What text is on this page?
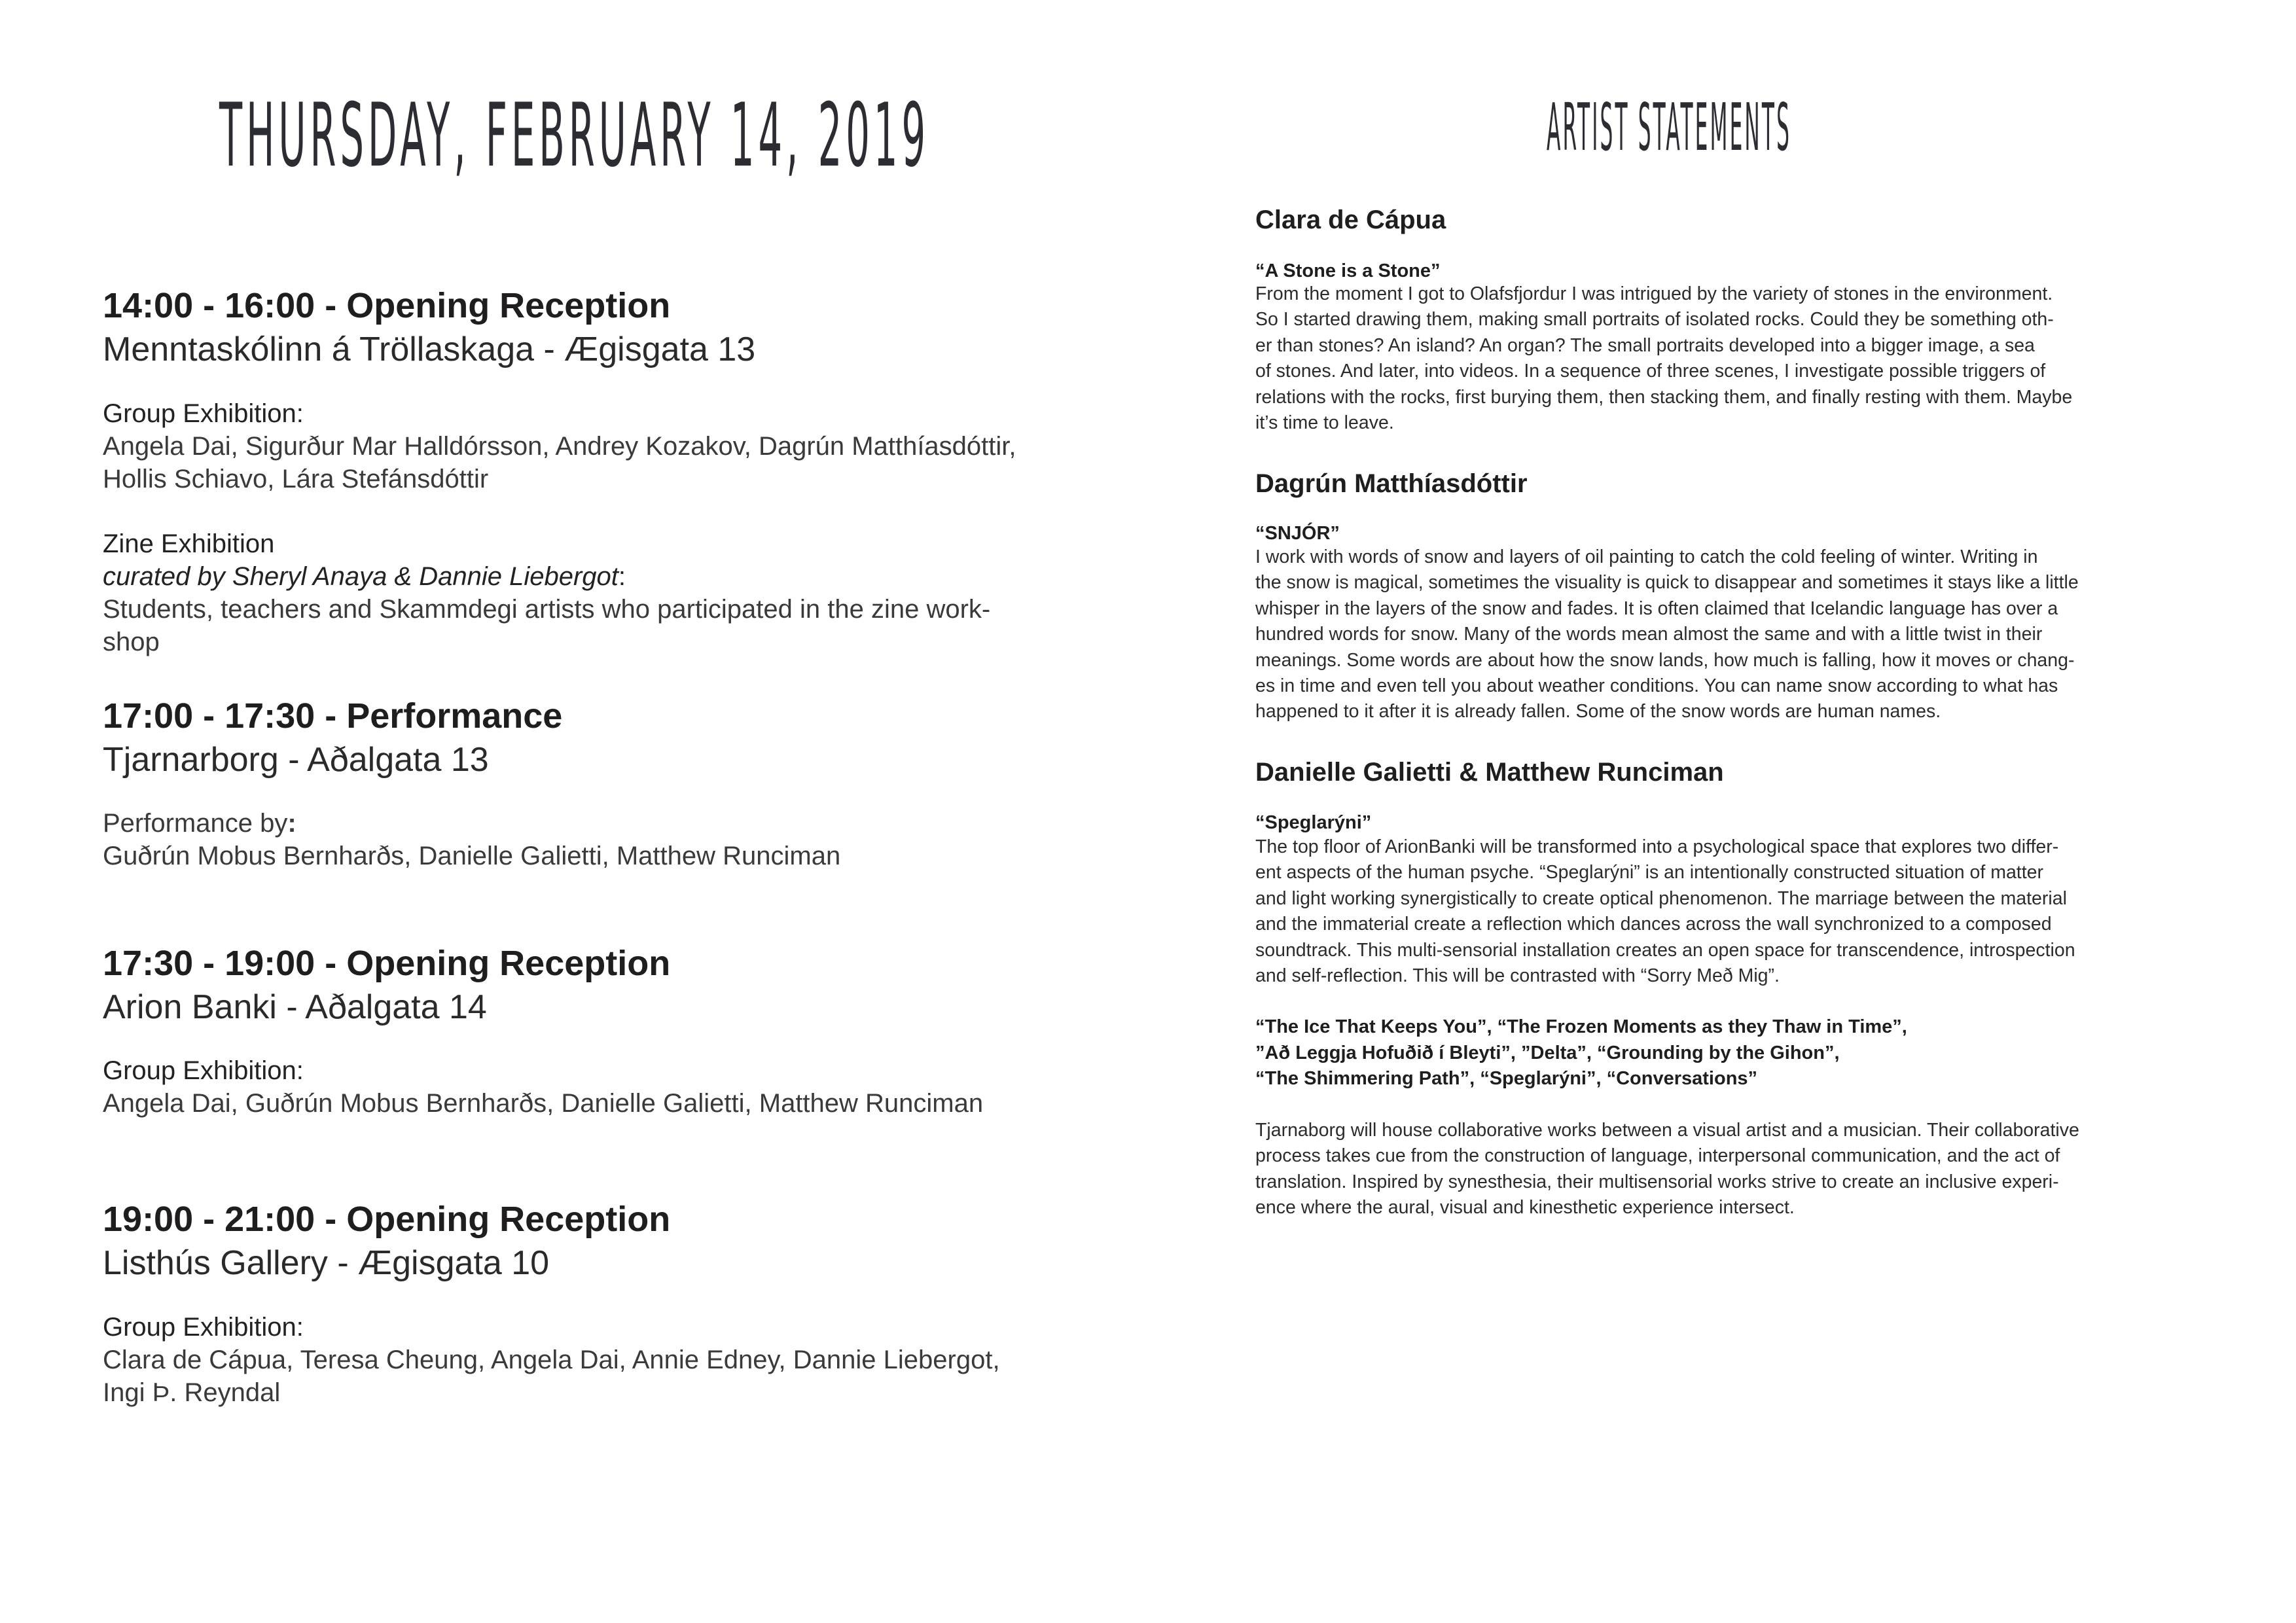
THURSDAY, FEBRUARY 14, 2019
14:00 - 16:00 - Opening Reception
Menntaskólinn á Tröllaskaga - Ægisgata 13
Group Exhibition:
Angela Dai, Sigurður Mar Halldórsson, Andrey Kozakov, Dagrún Matthíasdóttir,
Hollis Schiavo, Lára Stefánsdóttir
Zine Exhibition
curated by Sheryl Anaya & Dannie Liebergot:
Students, teachers and Skammdegi artists who participated in the zine work-
shop
17:00 - 17:30 - Performance
Tjarnarborg - Aðalgata 13
Performance by:
Guðrún Mobus Bernharðs, Danielle Galietti, Matthew Runciman
17:30 - 19:00 - Opening Reception
Arion Banki - Aðalgata 14
Group Exhibition:
Angela Dai, Guðrún Mobus Bernharðs, Danielle Galietti, Matthew Runciman
19:00 - 21:00 - Opening Reception
Listhús Gallery - Ægisgata 10
Group Exhibition:
Clara de Cápua, Teresa Cheung, Angela Dai, Annie Edney, Dannie Liebergot,
Ingi Þ. Reyndal
ARTIST STATEMENTS
Clara de Cápua
“A Stone is a Stone”
From the moment I got to Olafsfjordur I was intrigued by the variety of stones in the environment.
So I started drawing them, making small portraits of isolated rocks. Could they be something oth-
er than stones? An island? An organ? The small portraits developed into a bigger image, a sea
of stones. And later, into videos. In a sequence of three scenes, I investigate possible triggers of
relations with the rocks, first burying them, then stacking them, and finally resting with them. Maybe
it’s time to leave.
Dagrún Matthíasdóttir
“SNJÓR”
I work with words of snow and layers of oil painting to catch the cold feeling of winter. Writing in
the snow is magical, sometimes the visuality is quick to disappear and sometimes it stays like a little
whisper in the layers of the snow and fades. It is often claimed that Icelandic language has over a
hundred words for snow. Many of the words mean almost the same and with a little twist in their
meanings. Some words are about how the snow lands, how much is falling, how it moves or chang-
es in time and even tell you about weather conditions. You can name snow according to what has
happened to it after it is already fallen. Some of the snow words are human names.
Danielle Galietti & Matthew Runciman
“Speglarýni”
The top floor of ArionBanki will be transformed into a psychological space that explores two differ-
ent aspects of the human psyche. “Speglarýni” is an intentionally constructed situation of matter
and light working synergistically to create optical phenomenon. The marriage between the material
and the immaterial create a reflection which dances across the wall synchronized to a composed
soundtrack. This multi-sensorial installation creates an open space for transcendence, introspection
and self-reflection. This will be contrasted with “Sorry Með Mig”.
“The Ice That Keeps You”, “The Frozen Moments as they Thaw in Time”,
”Að Leggja Hofuðið í Bleyti”, ”Delta”, “Grounding by the Gihon”,
“The Shimmering Path”, “Speglarýni”, “Conversations”
Tjarnaborg will house collaborative works between a visual artist and a musician. Their collaborative
process takes cue from the construction of language, interpersonal communication, and the act of
translation. Inspired by synesthesia, their multisensorial works strive to create an inclusive experi-
ence where the aural, visual and kinesthetic experience intersect.
